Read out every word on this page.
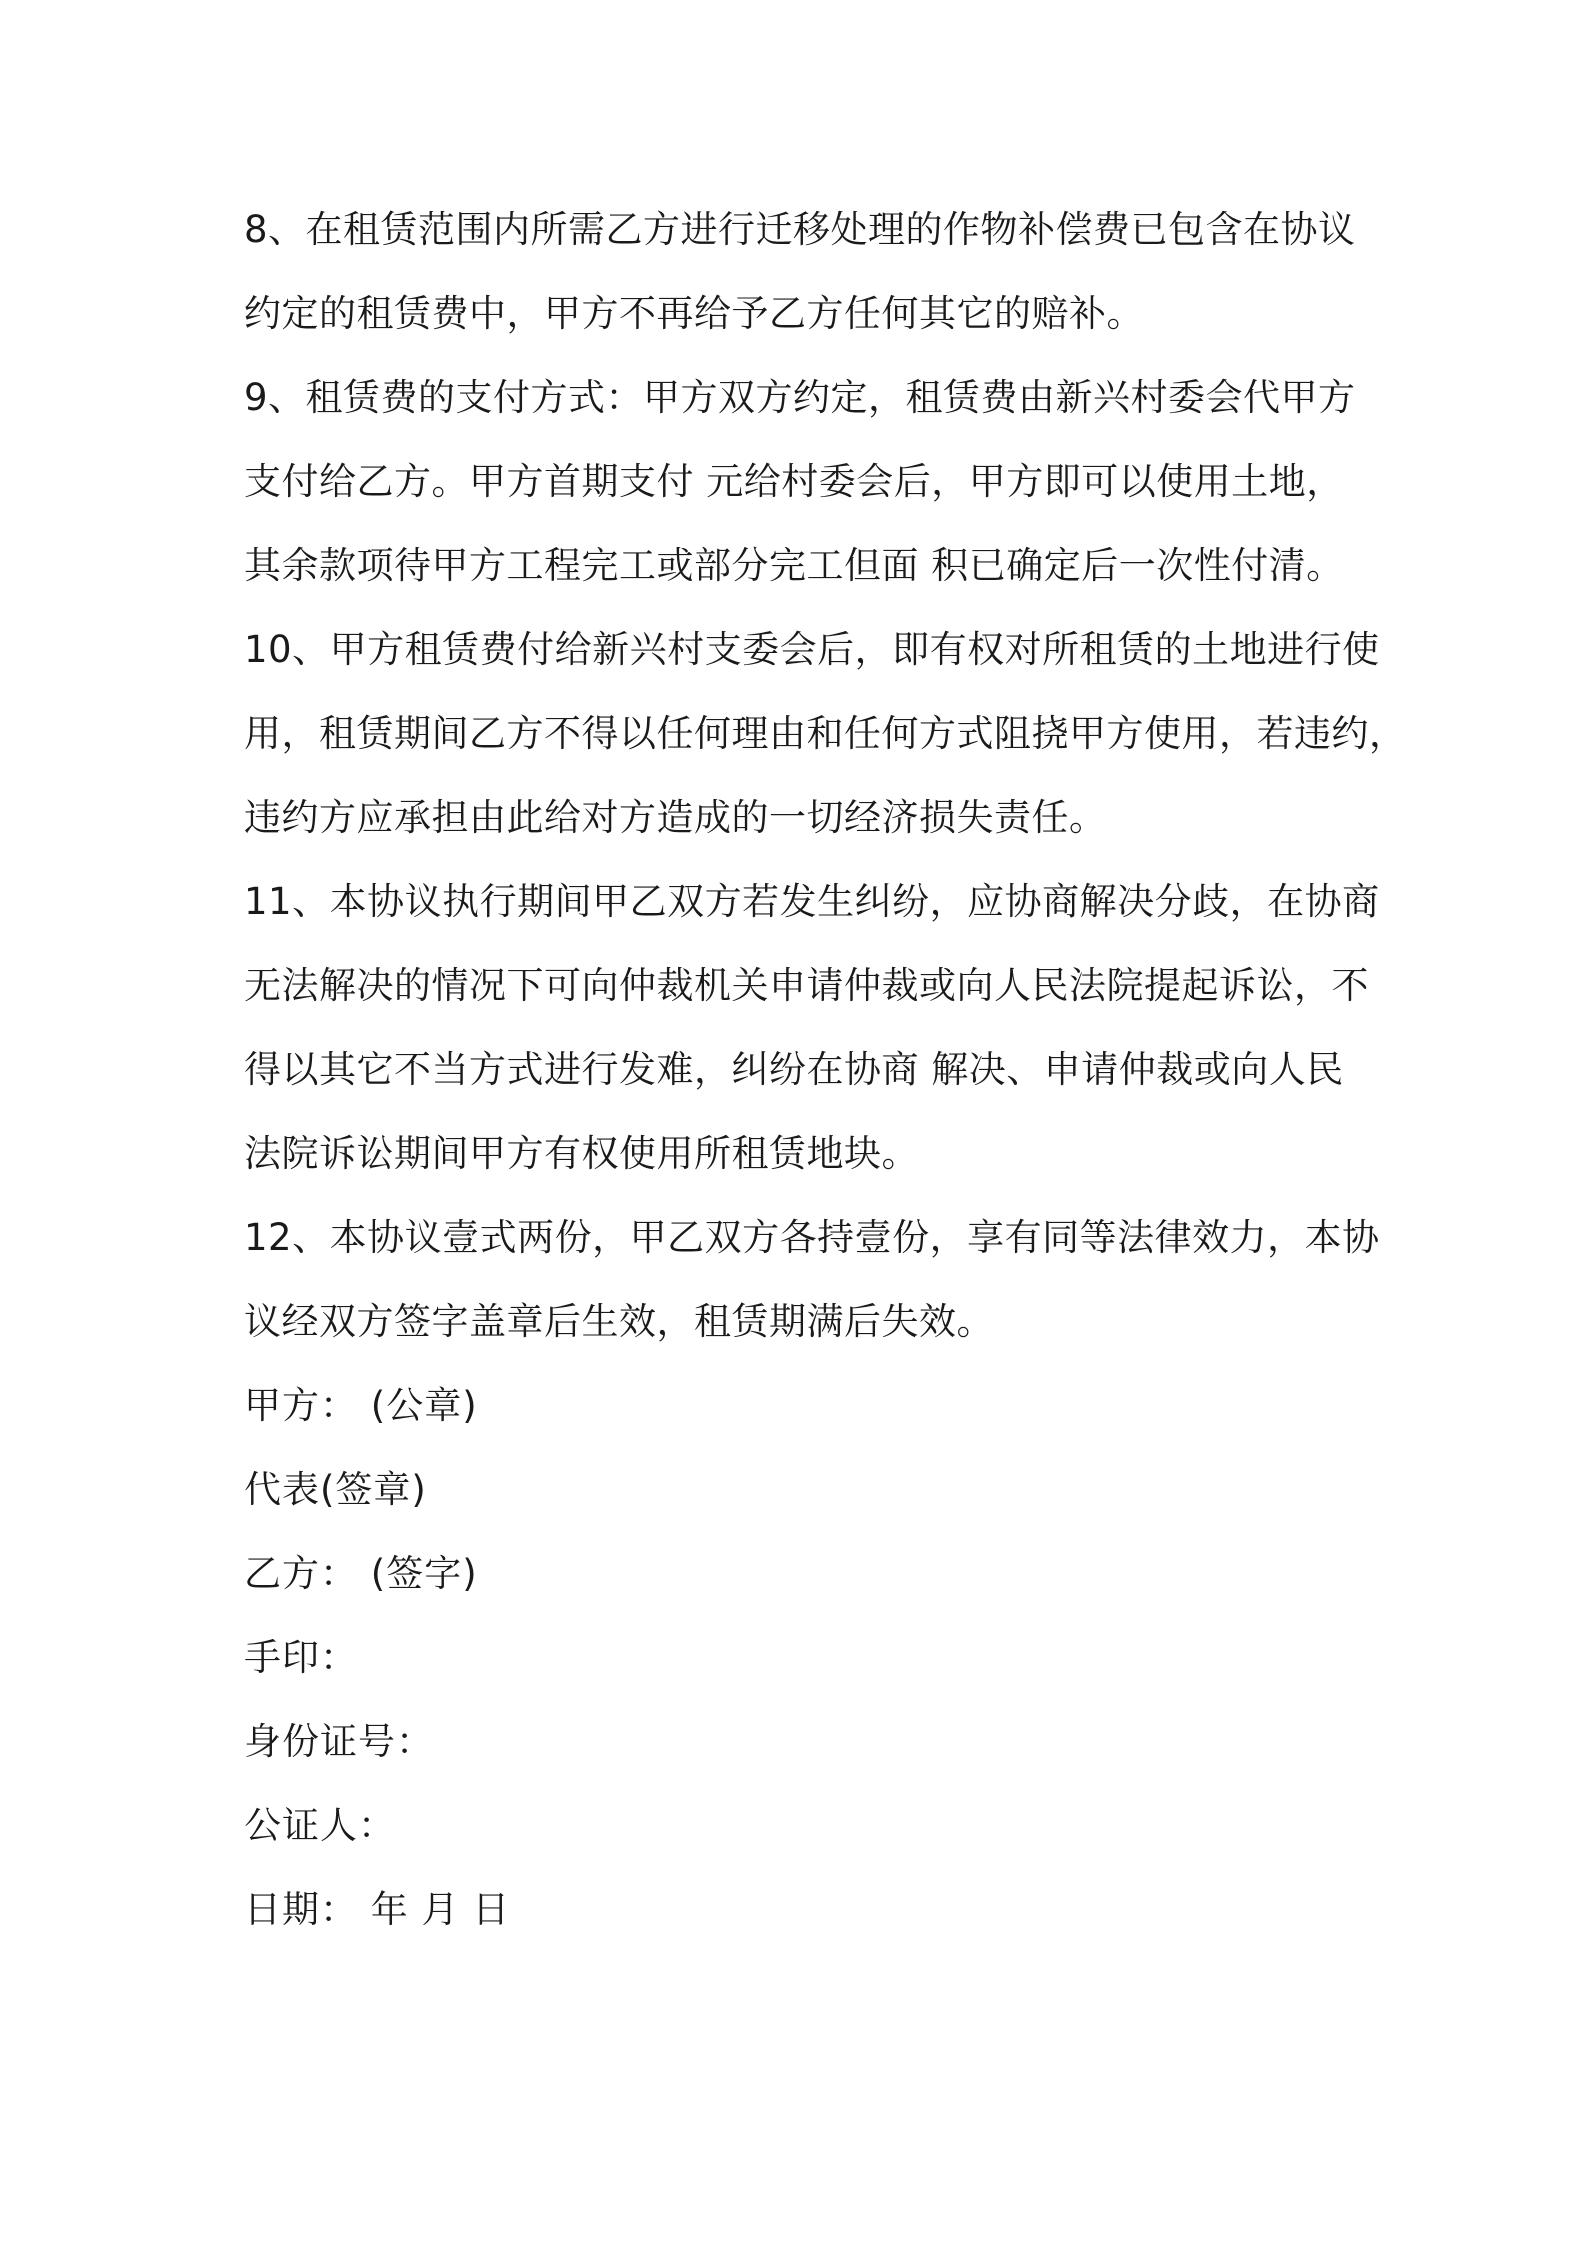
8、在租赁范围内所需乙方进行迁移处理的作物补偿费已包含在协议
约定的租赁费中，甲方不再给予乙方任何其它的赔补。
9、租赁费的支付方式：甲方双方约定，租赁费由新兴村委会代甲方
支付给乙方。甲方首期支付 元给村委会后，甲方即可以使用土地，
其余款项待甲方工程完工或部分完工但面 积已确定后一次性付清。
10、甲方租赁费付给新兴村支委会后，即有权对所租赁的土地进行使
用，租赁期间乙方不得以任何理由和任何方式阻挠甲方使用，若违约，
违约方应承担由此给对方造成的一切经济损失责任。
11、本协议执行期间甲乙双方若发生纠纷，应协商解决分歧，在协商
无法解决的情况下可向仲裁机关申请仲裁或向人民法院提起诉讼，不
得以其它不当方式进行发难，纠纷在协商 解决、申请仲裁或向人民
法院诉讼期间甲方有权使用所租赁地块。
12、本协议壹式两份，甲乙双方各持壹份，享有同等法律效力，本协
议经双方签字盖章后生效，租赁期满后失效。
甲方： (公章)
代表(签章)
乙方： (签字)
手印：
身份证号：
公证人：
日期： 年 月 日
